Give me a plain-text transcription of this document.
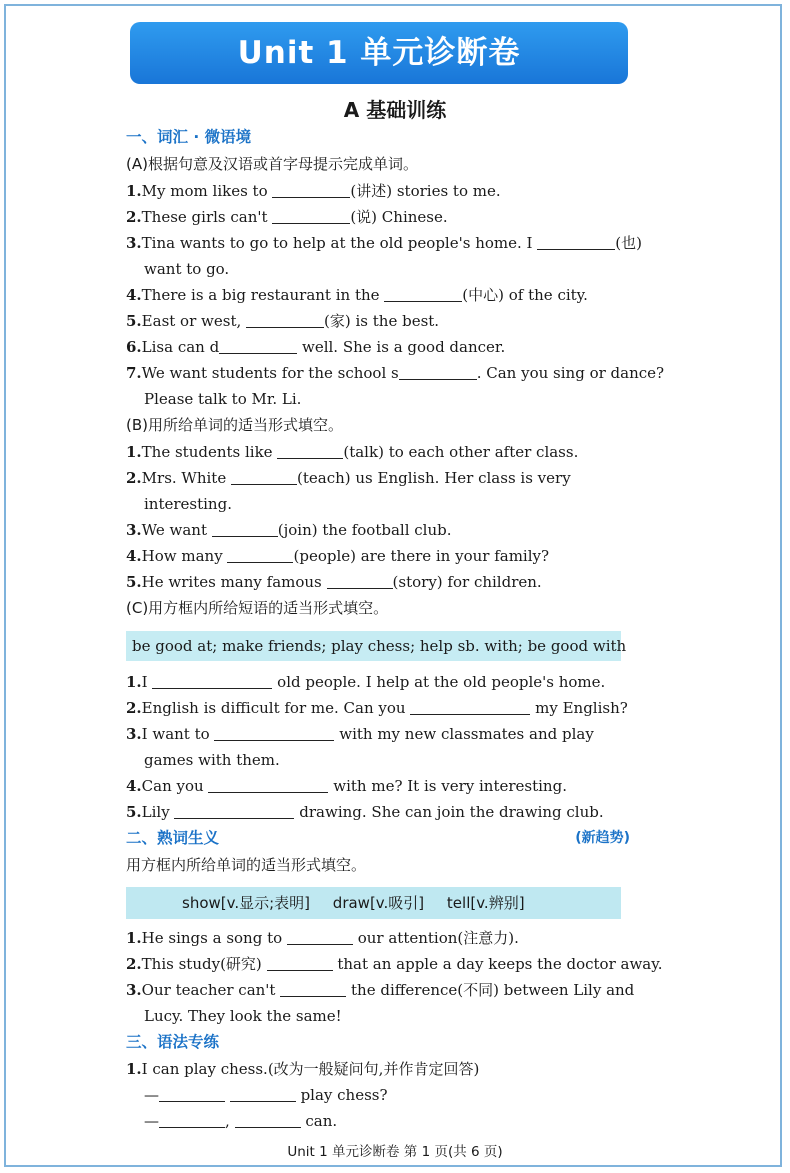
Unit 1 单元诊断卷
A 基础训练
一、词汇 · 微语境
(A)根据句意及汉语或首字母提示完成单词。
1.My mom likes to	(讲述) stories to me.
2.These girls can't	(说) Chinese.
3.Tina wants to go to help at the old people's home. I	(也)
want to go.
4.There is a big restaurant in the	(中心) of the city.
5.East or west,	(家) is the best.
6.Lisa can d	well. She is a good dancer.
7.We want students for the school s	. Can you sing or dance?
Please talk to Mr. Li.
(B)用所给单词的适当形式填空。
1.The students like	(talk) to each other after class.
2.Mrs. White	(teach) us English. Her class is very
interesting.
3.We want	(join) the football club.
4.How many	(people) are there in your family?
5.He writes many famous	(story) for children.
(C)用方框内所给短语的适当形式填空。
be good at; make friends; play chess; help sb. with; be good with
1.I	old people. I help at the old people's home.
2.English is difficult for me. Can you	my English?
3.I want to	with my new classmates and play
games with them.
4.Can you	with me? It is very interesting.
5.Lily	drawing. She can join the drawing club.
二、熟词生义	(新趋势)
用方框内所给单词的适当形式填空。
show[v.显示;表明] draw[v.吸引] tell[v.辨别]
1.He sings a song to	our attention(注意力).
2.This study(研究)	that an apple a day keeps the doctor away.
3.Our teacher can't	the difference(不同) between Lily and
Lucy. They look the same!
三、语法专练
1.I can play chess.(改为一般疑问句,并作肯定回答)
—	play chess?
—	,	can.
Unit 1 单元诊断卷 第 1 页(共 6 页)
